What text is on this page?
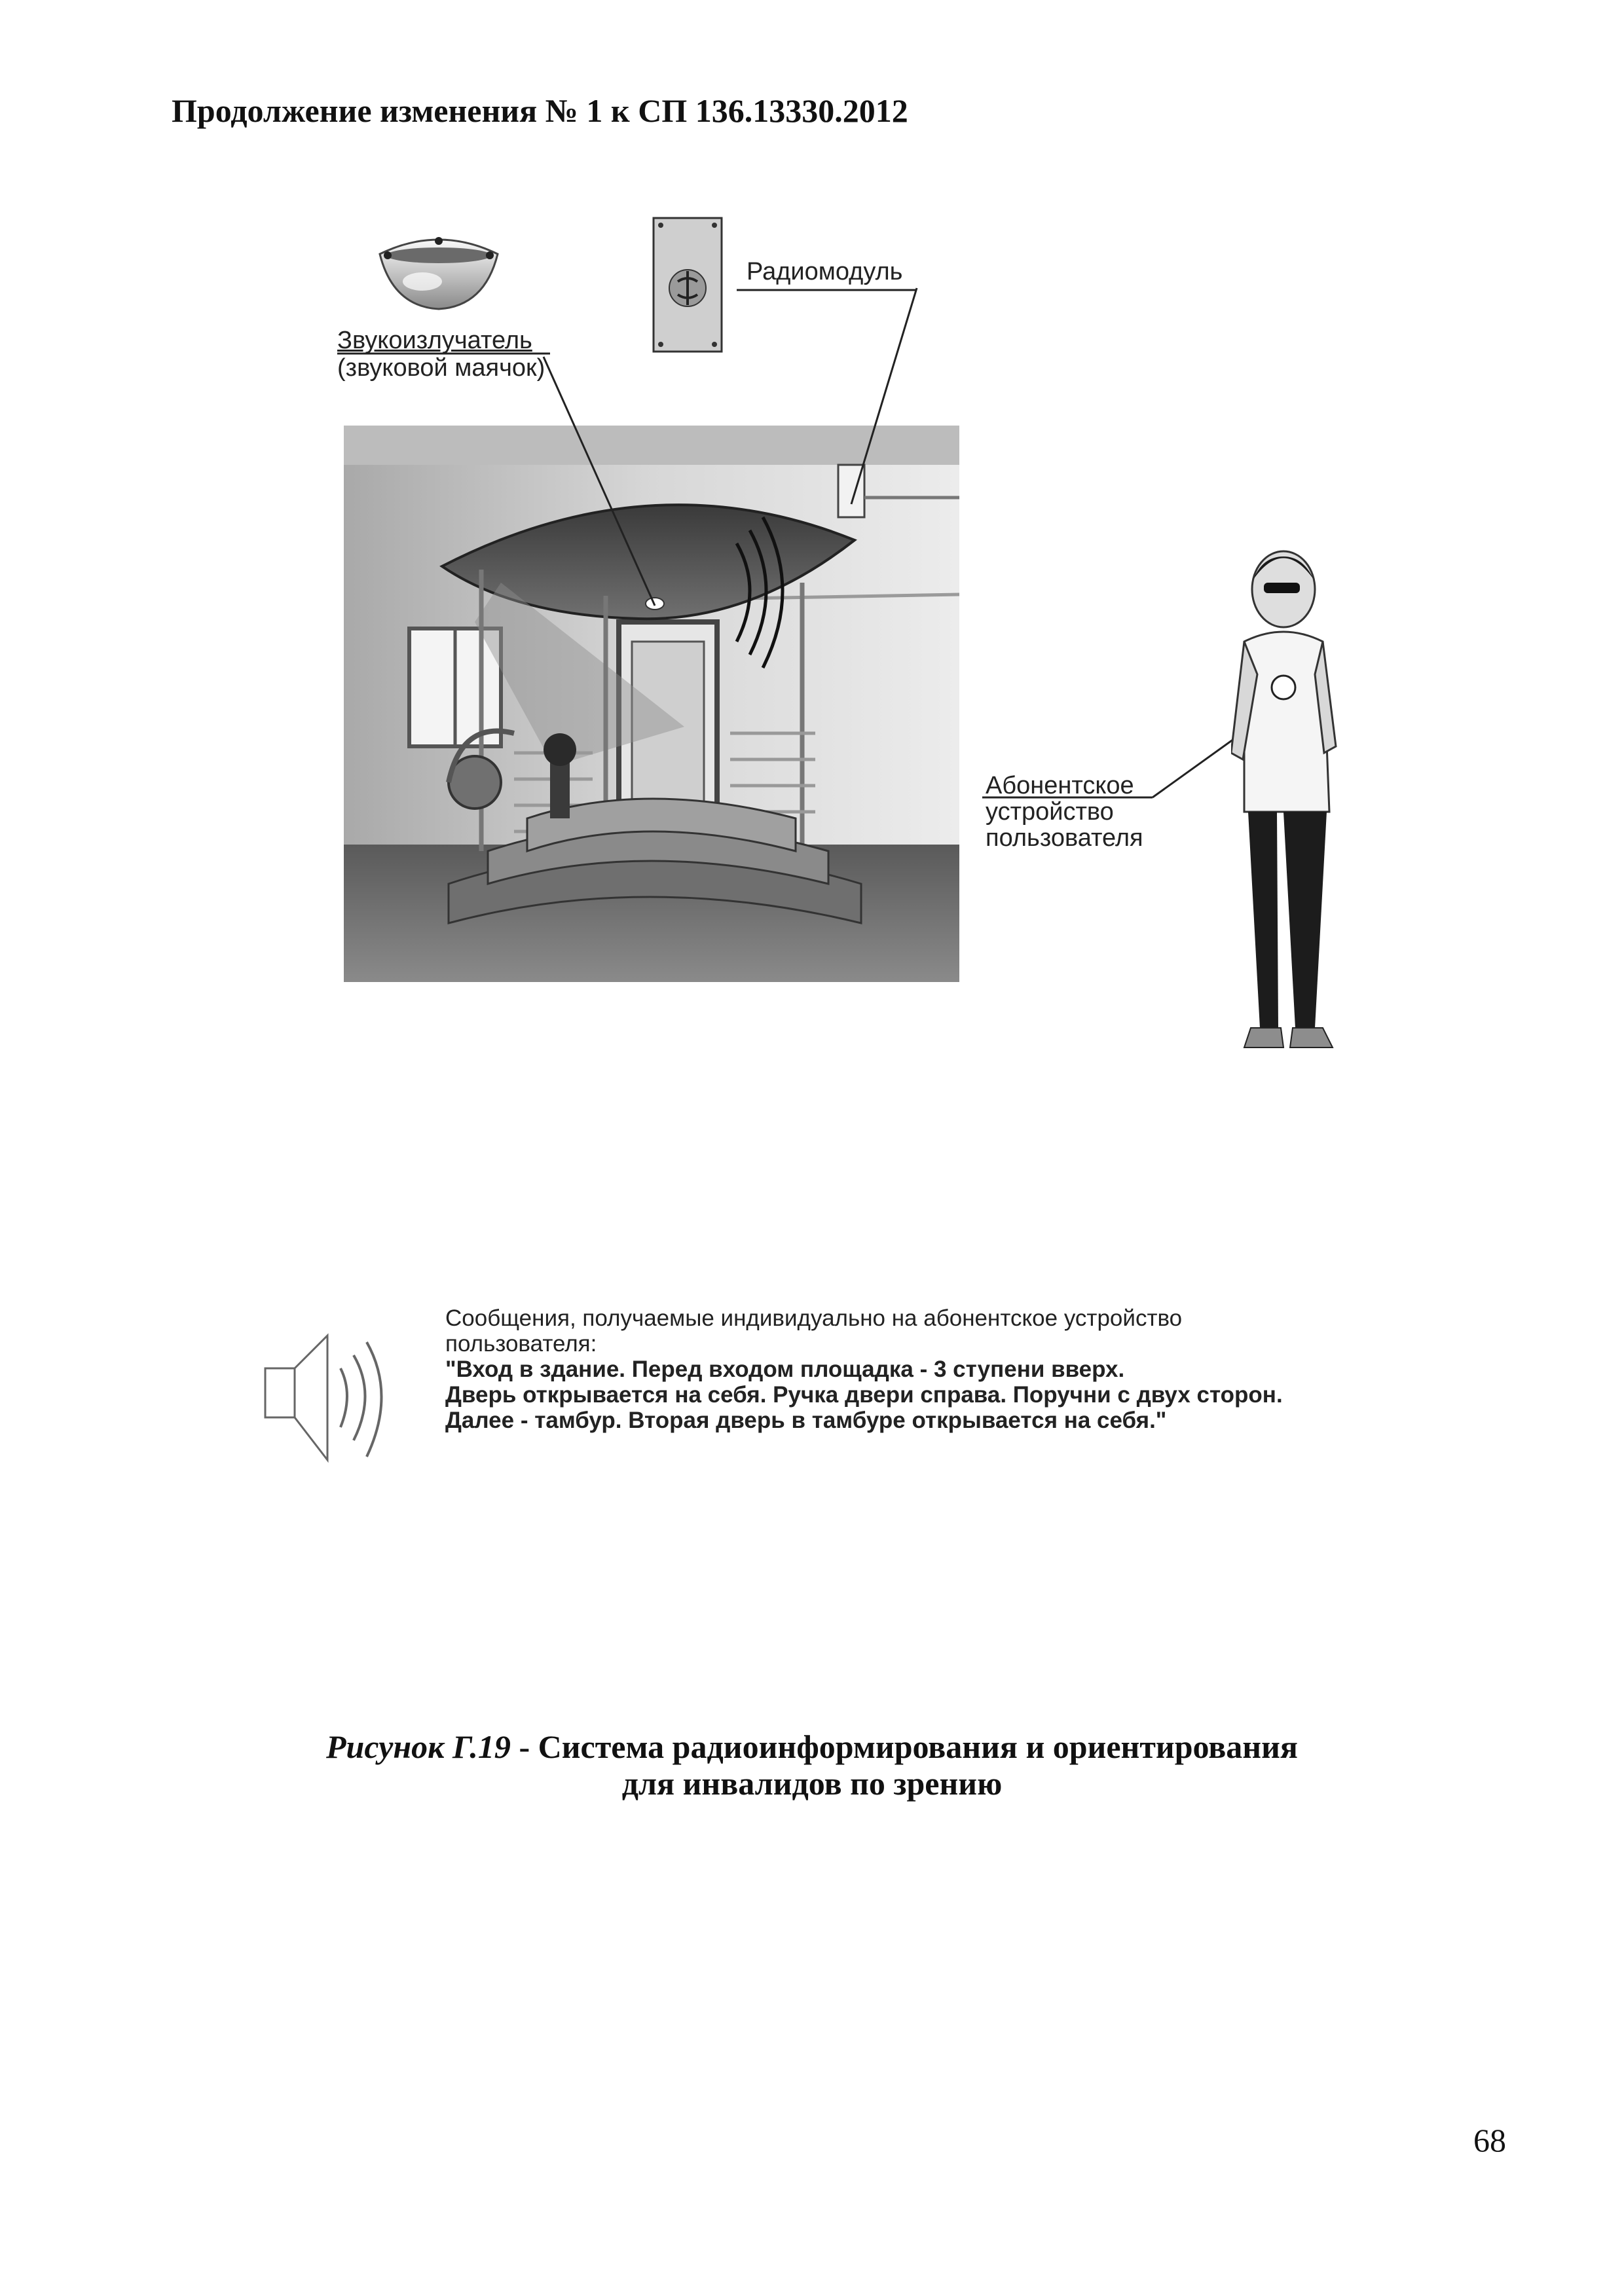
Продолжение изменения № 1 к СП 136.13330.2012
Звукоизлучатель
(звуковой маячок)
Радиомодуль
Абонентское
устройство
пользователя
Сообщения, получаемые индивидуально на абонентское устройство
пользователя:
"Вход в здание. Перед входом площадка - 3 ступени вверх.
Дверь открывается на себя. Ручка двери справа. Поручни с двух сторон.
Далее - тамбур. Вторая дверь в тамбуре открывается на себя."
Рисунок Г.19 - Система радиоинформирования и ориентирования
для инвалидов по зрению
68
